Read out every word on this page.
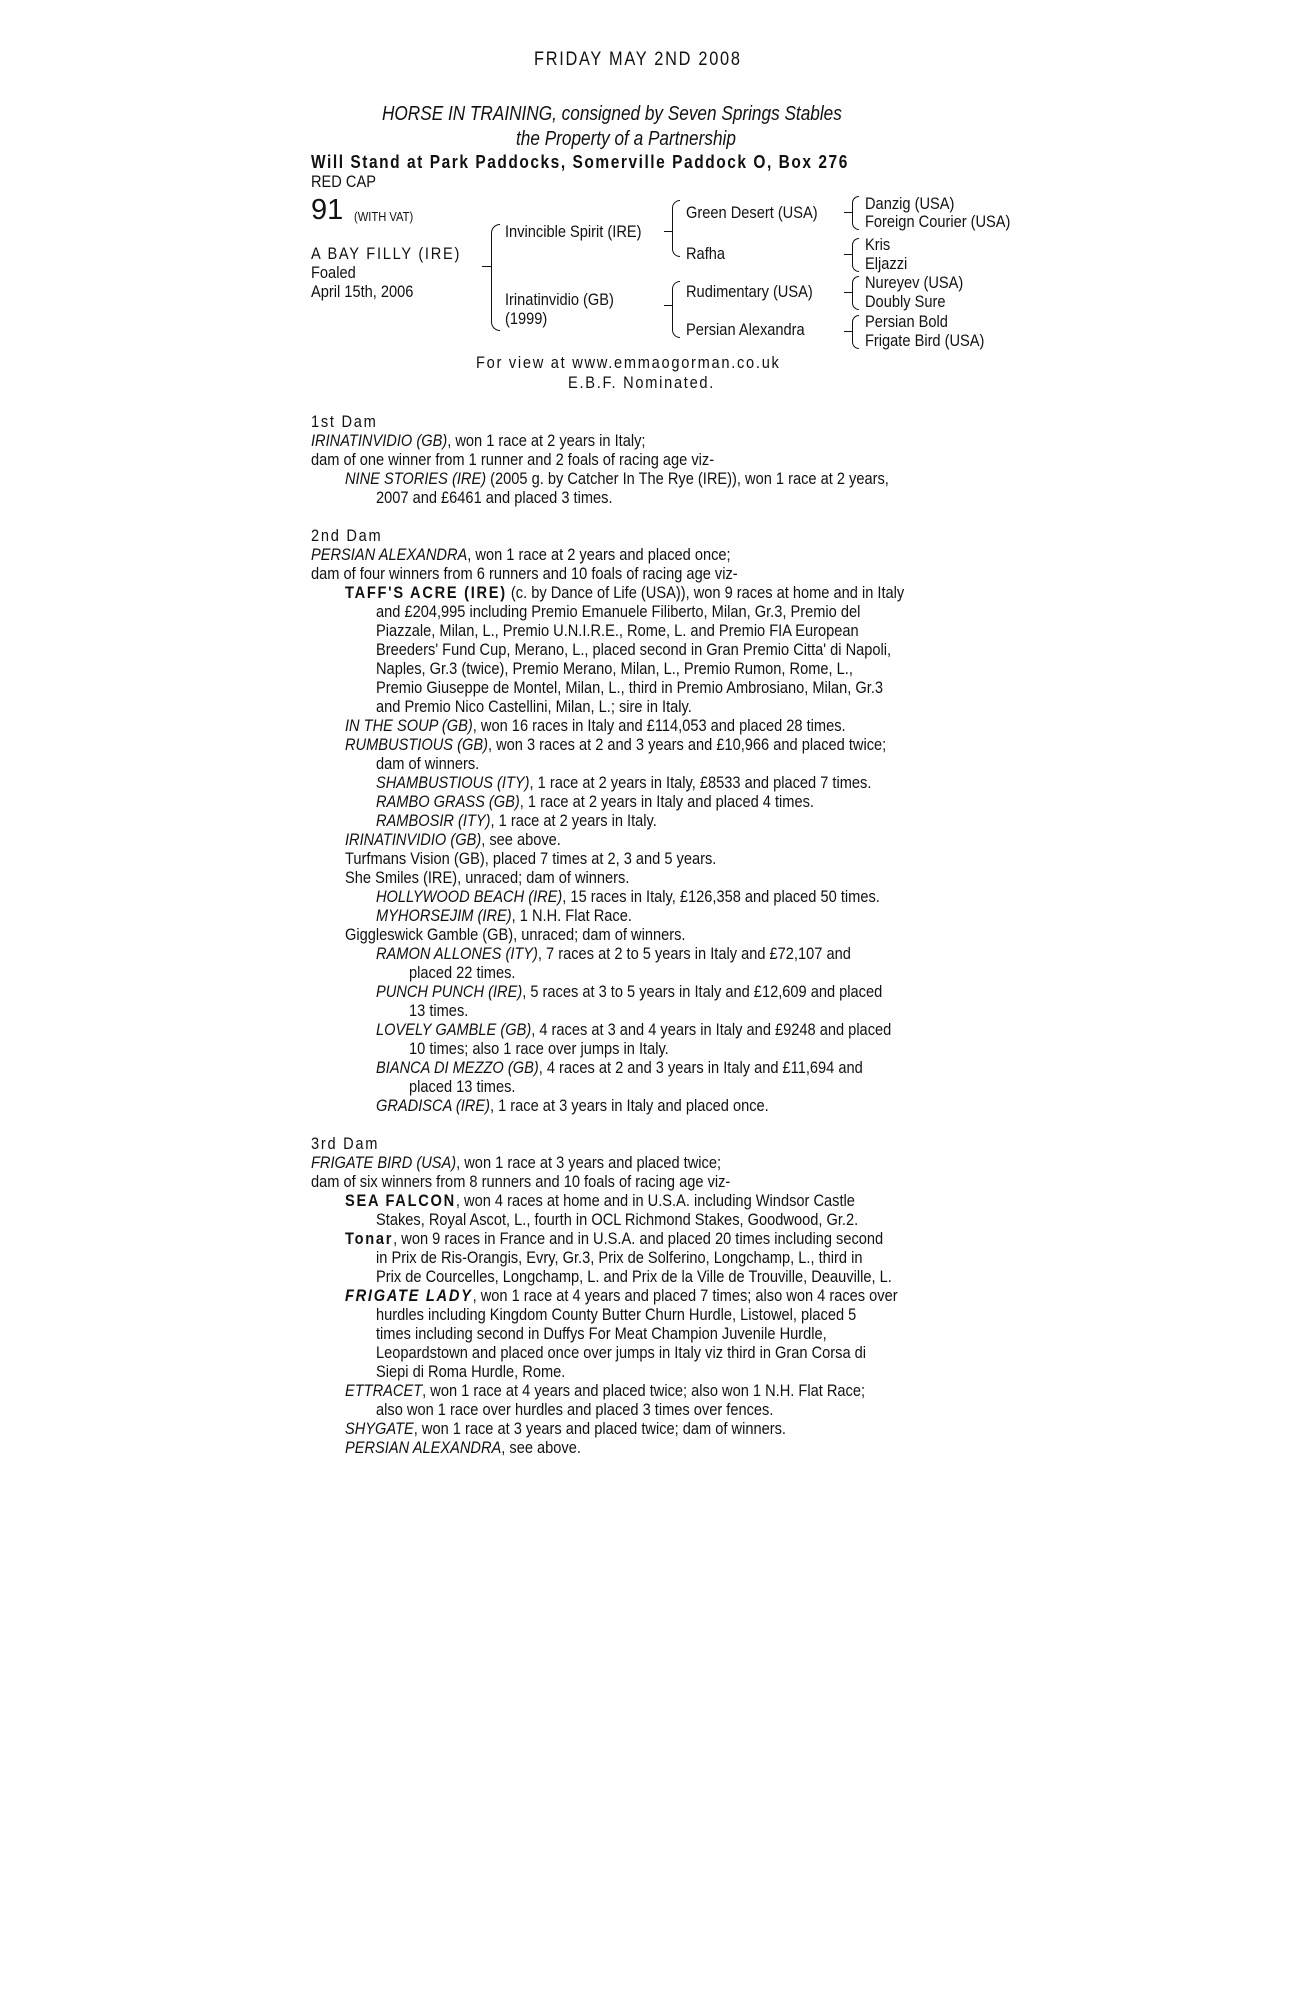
FRIDAY MAY 2ND 2008
HORSE IN TRAINING, consigned by Seven Springs Stables
the Property of a Partnership
Will Stand at Park Paddocks, Somerville Paddock O, Box 276
RED CAP
91 (WITH VAT)
A BAY FILLY (IRE)
Foaled
April 15th, 2006
Invincible Spirit (IRE)
Irinatinvidio (GB)
(1999)
Green Desert (USA)
Rafha
Rudimentary (USA)
Persian Alexandra
Danzig (USA)
Foreign Courier (USA)
Kris
Eljazzi
Nureyev (USA)
Doubly Sure
Persian Bold
Frigate Bird (USA)
For view at www.emmaogorman.co.uk
E.B.F. Nominated.
1st Dam
IRINATINVIDIO (GB), won 1 race at 2 years in Italy;
dam of one winner from 1 runner and 2 foals of racing age viz-
NINE STORIES (IRE) (2005 g. by Catcher In The Rye (IRE)), won 1 race at 2 years,
2007 and £6461 and placed 3 times.
2nd Dam
PERSIAN ALEXANDRA, won 1 race at 2 years and placed once;
dam of four winners from 6 runners and 10 foals of racing age viz-
TAFF'S ACRE (IRE) (c. by Dance of Life (USA)), won 9 races at home and in Italy
and £204,995 including Premio Emanuele Filiberto, Milan, Gr.3, Premio del
Piazzale, Milan, L., Premio U.N.I.R.E., Rome, L. and Premio FIA European
Breeders' Fund Cup, Merano, L., placed second in Gran Premio Citta' di Napoli,
Naples, Gr.3 (twice), Premio Merano, Milan, L., Premio Rumon, Rome, L.,
Premio Giuseppe de Montel, Milan, L., third in Premio Ambrosiano, Milan, Gr.3
and Premio Nico Castellini, Milan, L.; sire in Italy.
IN THE SOUP (GB), won 16 races in Italy and £114,053 and placed 28 times.
RUMBUSTIOUS (GB), won 3 races at 2 and 3 years and £10,966 and placed twice;
dam of winners.
SHAMBUSTIOUS (ITY), 1 race at 2 years in Italy, £8533 and placed 7 times.
RAMBO GRASS (GB), 1 race at 2 years in Italy and placed 4 times.
RAMBOSIR (ITY), 1 race at 2 years in Italy.
IRINATINVIDIO (GB), see above.
Turfmans Vision (GB), placed 7 times at 2, 3 and 5 years.
She Smiles (IRE), unraced; dam of winners.
HOLLYWOOD BEACH (IRE), 15 races in Italy, £126,358 and placed 50 times.
MYHORSEJIM (IRE), 1 N.H. Flat Race.
Giggleswick Gamble (GB), unraced; dam of winners.
RAMON ALLONES (ITY), 7 races at 2 to 5 years in Italy and £72,107 and
placed 22 times.
PUNCH PUNCH (IRE), 5 races at 3 to 5 years in Italy and £12,609 and placed
13 times.
LOVELY GAMBLE (GB), 4 races at 3 and 4 years in Italy and £9248 and placed
10 times; also 1 race over jumps in Italy.
BIANCA DI MEZZO (GB), 4 races at 2 and 3 years in Italy and £11,694 and
placed 13 times.
GRADISCA (IRE), 1 race at 3 years in Italy and placed once.
3rd Dam
FRIGATE BIRD (USA), won 1 race at 3 years and placed twice;
dam of six winners from 8 runners and 10 foals of racing age viz-
SEA FALCON, won 4 races at home and in U.S.A. including Windsor Castle
Stakes, Royal Ascot, L., fourth in OCL Richmond Stakes, Goodwood, Gr.2.
Tonar, won 9 races in France and in U.S.A. and placed 20 times including second
in Prix de Ris-Orangis, Evry, Gr.3, Prix de Solferino, Longchamp, L., third in
Prix de Courcelles, Longchamp, L. and Prix de la Ville de Trouville, Deauville, L.
FRIGATE LADY, won 1 race at 4 years and placed 7 times; also won 4 races over
hurdles including Kingdom County Butter Churn Hurdle, Listowel, placed 5
times including second in Duffys For Meat Champion Juvenile Hurdle,
Leopardstown and placed once over jumps in Italy viz third in Gran Corsa di
Siepi di Roma Hurdle, Rome.
ETTRACET, won 1 race at 4 years and placed twice; also won 1 N.H. Flat Race;
also won 1 race over hurdles and placed 3 times over fences.
SHYGATE, won 1 race at 3 years and placed twice; dam of winners.
PERSIAN ALEXANDRA, see above.
